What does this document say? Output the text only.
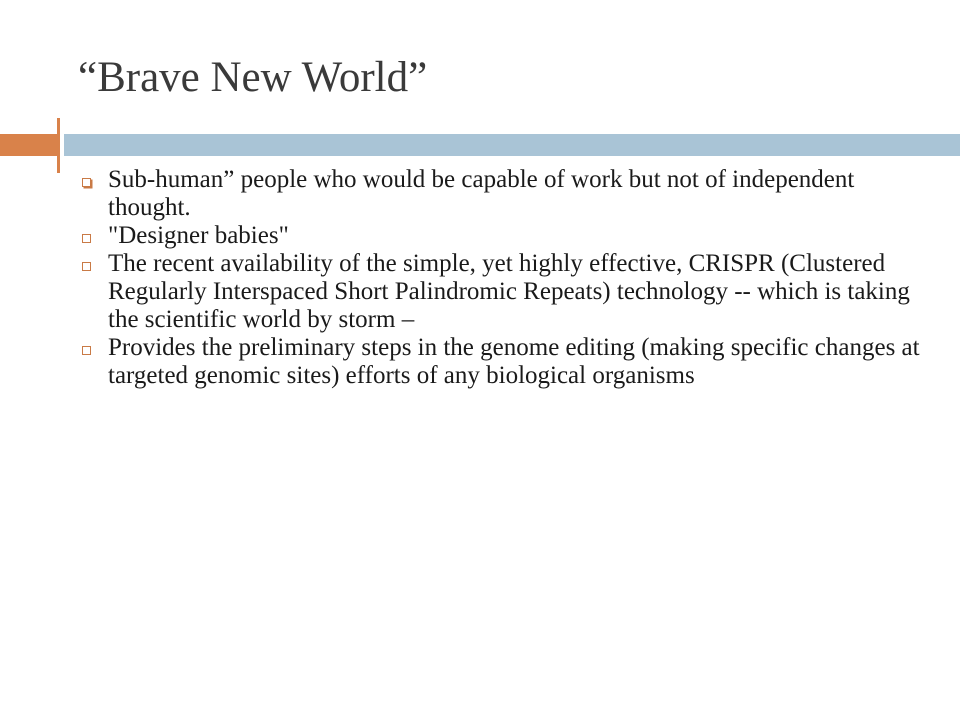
“Brave New World”
Sub-human” people who would be capable of work but not of independent thought.
"Designer babies"
The recent availability of the simple, yet highly effective, CRISPR (Clustered Regularly Interspaced Short Palindromic Repeats) technology -- which is taking the scientific world by storm –
Provides the preliminary steps in the genome editing (making specific changes at targeted genomic sites) efforts of any biological organisms
